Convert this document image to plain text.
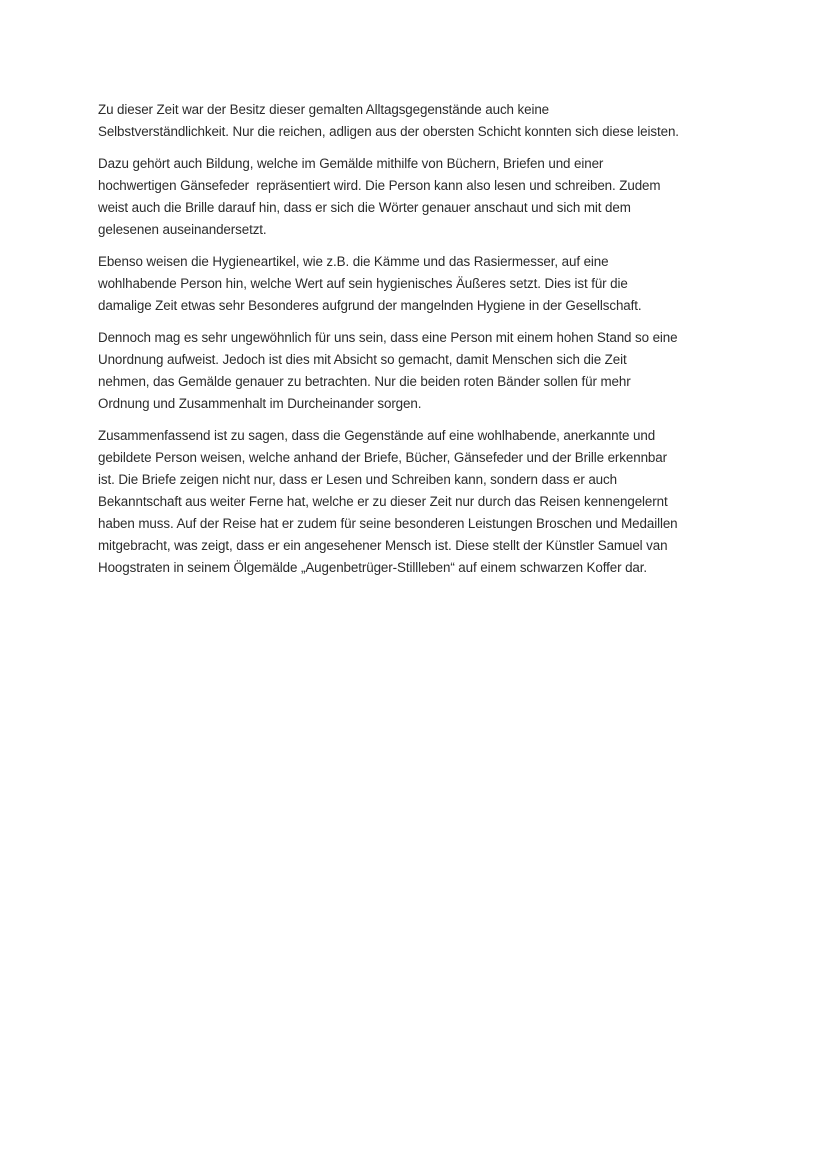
Zu dieser Zeit war der Besitz dieser gemalten Alltagsgegenstände auch keine
Selbstverständlichkeit. Nur die reichen, adligen aus der obersten Schicht konnten sich diese leisten.

Dazu gehört auch Bildung, welche im Gemälde mithilfe von Büchern, Briefen und einer
hochwertigen Gänsefeder  repräsentiert wird. Die Person kann also lesen und schreiben. Zudem
weist auch die Brille darauf hin, dass er sich die Wörter genauer anschaut und sich mit dem
gelesenen auseinandersetzt.

Ebenso weisen die Hygieneartikel, wie z.B. die Kämme und das Rasiermesser, auf eine
wohlhabende Person hin, welche Wert auf sein hygienisches Äußeres setzt. Dies ist für die
damalige Zeit etwas sehr Besonderes aufgrund der mangelnden Hygiene in der Gesellschaft.

Dennoch mag es sehr ungewöhnlich für uns sein, dass eine Person mit einem hohen Stand so eine
Unordnung aufweist. Jedoch ist dies mit Absicht so gemacht, damit Menschen sich die Zeit
nehmen, das Gemälde genauer zu betrachten. Nur die beiden roten Bänder sollen für mehr
Ordnung und Zusammenhalt im Durcheinander sorgen.

Zusammenfassend ist zu sagen, dass die Gegenstände auf eine wohlhabende, anerkannte und
gebildete Person weisen, welche anhand der Briefe, Bücher, Gänsefeder und der Brille erkennbar
ist. Die Briefe zeigen nicht nur, dass er Lesen und Schreiben kann, sondern dass er auch
Bekanntschaft aus weiter Ferne hat, welche er zu dieser Zeit nur durch das Reisen kennengelernt
haben muss. Auf der Reise hat er zudem für seine besonderen Leistungen Broschen und Medaillen
mitgebracht, was zeigt, dass er ein angesehener Mensch ist. Diese stellt der Künstler Samuel van
Hoogstraten in seinem Ölgemälde „Augenbetrüger-Stillleben“ auf einem schwarzen Koffer dar.
